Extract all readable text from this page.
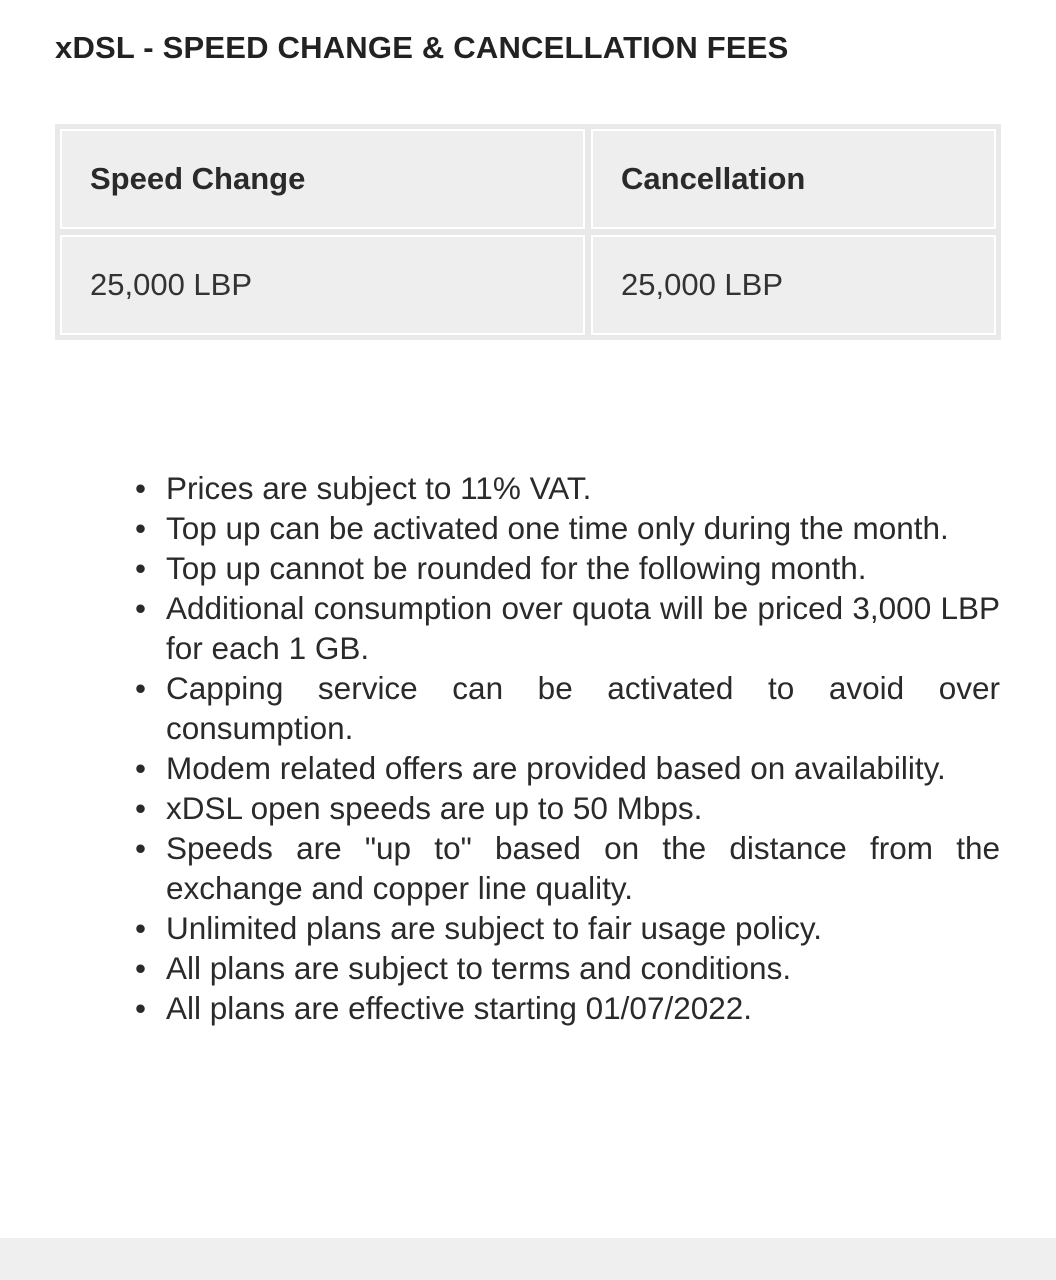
xDSL - SPEED CHANGE & CANCELLATION FEES
Speed Change	Cancellation
25,000 LBP	25,000 LBP
• Prices are subject to 11% VAT.
• Top up can be activated one time only during the month.
• Top up cannot be rounded for the following month.
• Additional consumption over quota will be priced 3,000 LBP for each 1 GB.
• Capping service can be activated to avoid over consumption.
• Modem related offers are provided based on availability.
• xDSL open speeds are up to 50 Mbps.
• Speeds are "up to" based on the distance from the exchange and copper line quality.
• Unlimited plans are subject to fair usage policy.
• All plans are subject to terms and conditions.
• All plans are effective starting 01/07/2022.
